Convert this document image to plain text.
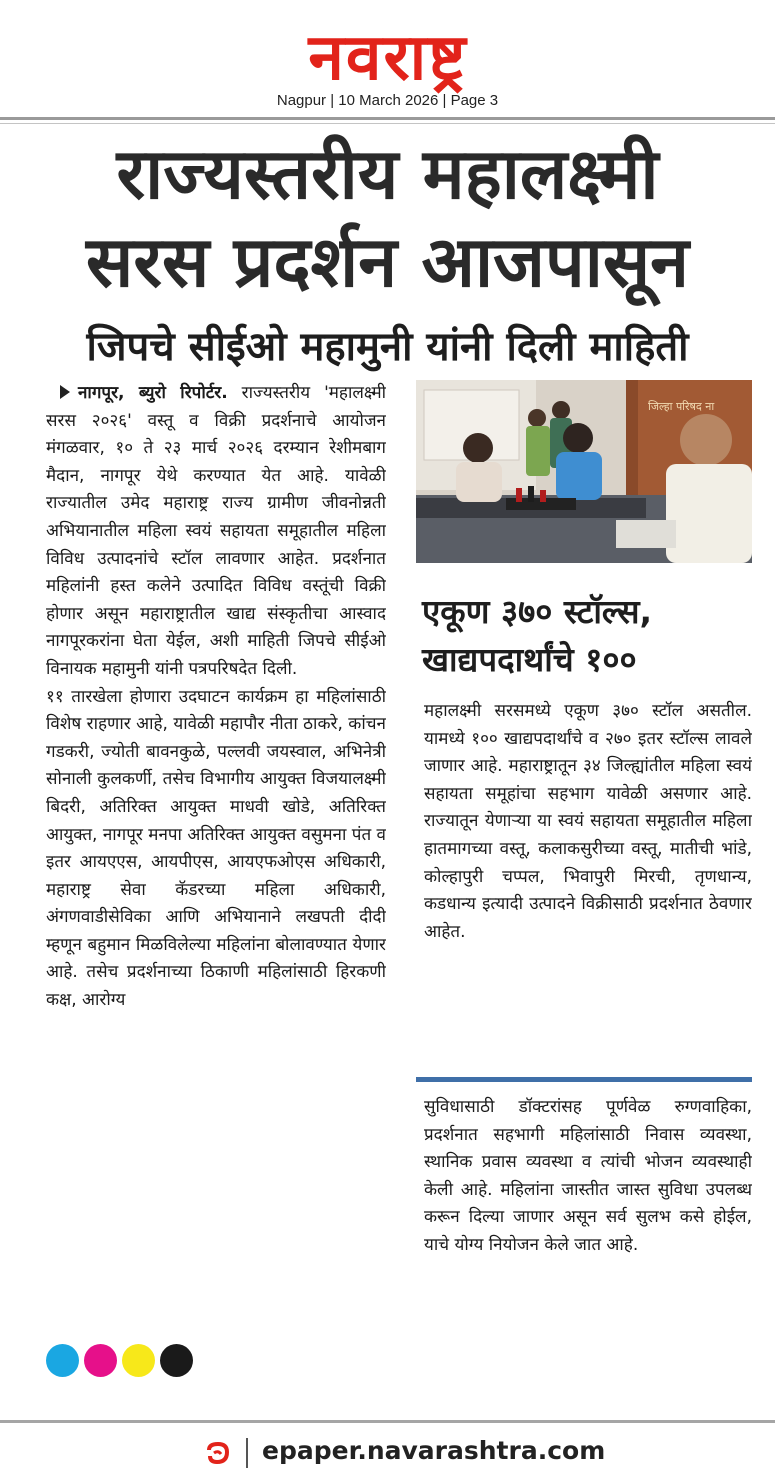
नवराष्ट्र
Nagpur | 10 March 2026 | Page 3
राज्यस्तरीय महालक्ष्मी
सरस प्रदर्शन आजपासून
जिपचे सीईओ महामुनी यांनी दिली माहिती

नागपूर, ब्युरो रिपोर्टर. राज्यस्तरीय 'महालक्ष्मी सरस २०२६' वस्तू व विक्री प्रदर्शनाचे आयोजन मंगळवार, १० ते २३ मार्च २०२६ दरम्यान रेशीमबाग मैदान, नागपूर येथे करण्यात येत आहे. यावेळी राज्यातील उमेद महाराष्ट्र राज्य ग्रामीण जीवनोन्नती अभियानातील महिला स्वयं सहायता समूहातील महिला विविध उत्पादनांचे स्टॉल लावणार आहेत. प्रदर्शनात महिलांनी हस्त कलेने उत्पादित विविध वस्तूंची विक्री होणार असून महाराष्ट्रातील खाद्य संस्कृतीचा आस्वाद नागपूरकरांना घेता येईल, अशी माहिती जिपचे सीईओ विनायक महामुनी यांनी पत्रपरिषदेत दिली.

११ तारखेला होणारा उदघाटन कार्यक्रम हा महिलांसाठी विशेष राहणार आहे, यावेळी महापौर नीता ठाकरे, कांचन गडकरी, ज्योती बावनकुळे, पल्लवी जयस्वाल, अभिनेत्री सोनाली कुलकर्णी, तसेच विभागीय आयुक्त विजयालक्ष्मी बिदरी, अतिरिक्त आयुक्त माधवी खोडे, अतिरिक्त आयुक्त, नागपूर मनपा अतिरिक्त आयुक्त वसुमना पंत व इतर आयएएस, आयपीएस, आयएफओएस अधिकारी, महाराष्ट्र सेवा कॅडरच्या महिला अधिकारी, अंगणवाडीसेविका आणि अभियानाने लखपती दीदी म्हणून बहुमान मिळविलेल्या महिलांना बोलावण्यात येणार आहे. तसेच प्रदर्शनाच्या ठिकाणी महिलांसाठी हिरकणी कक्ष, आरोग्य

जिल्हा परिषद ना
एकूण ३७० स्टॉल्स,
खाद्यपदार्थांचे १००
महालक्ष्मी सरसमध्ये एकूण ३७० स्टॉल असतील. यामध्ये १०० खाद्यपदार्थांचे व २७० इतर स्टॉल्स लावले जाणार आहे. महाराष्ट्रातून ३४ जिल्ह्यांतील महिला स्वयं सहायता समूहांचा सहभाग यावेळी असणार आहे. राज्यातून येणाऱ्या या स्वयं सहायता समूहातील महिला हातमागच्या वस्तू, कलाकसुरीच्या वस्तू, मातीची भांडे, कोल्हापुरी चप्पल, भिवापुरी मिरची, तृणधान्य, कडधान्य इत्यादी उत्पादने विक्रीसाठी प्रदर्शनात ठेवणार आहेत.
सुविधासाठी डॉक्टरांसह पूर्णवेळ रुग्णवाहिका, प्रदर्शनात सहभागी महिलांसाठी निवास व्यवस्था, स्थानिक प्रवास व्यवस्था व त्यांची भोजन व्यवस्थाही केली आहे. महिलांना जास्तीत जास्त सुविधा उपलब्ध करून दिल्या जाणार असून सर्व सुलभ कसे होईल, याचे योग्य नियोजन केले जात आहे.
epaper.navarashtra.com
